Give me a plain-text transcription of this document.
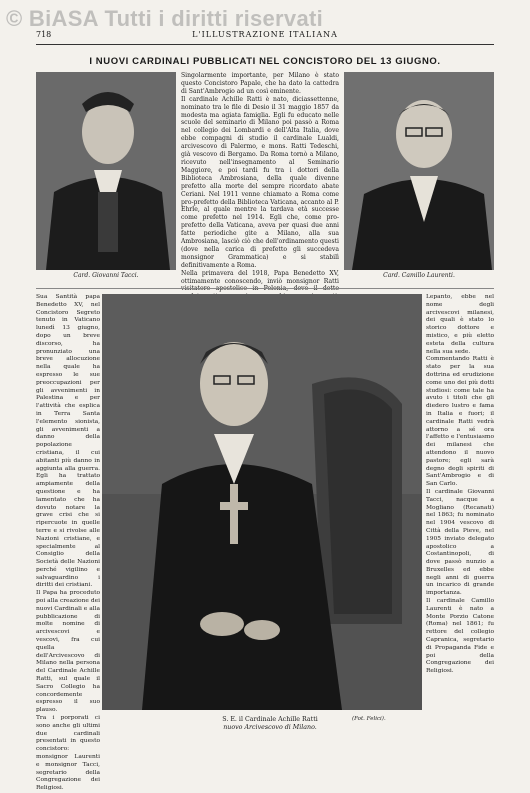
© BiASA Tutti i diritti riservati
718	L'ILLUSTRAZIONE ITALIANA
I NUOVI CARDINALI PUBBLICATI NEL CONCISTORO DEL 13 GIUGNO.
Card. Giovanni Tacci.	Card. Camillo Laurenti.

Singolarmente importante, per Milano è stato questo Concistoro Papale, che ha dato la cattedra di Sant'Ambrogio ad un così eminente.

Il cardinale Achille Ratti è nato, diciassettenne, nominato tra le file di Desio il 31 maggio 1857 da modesta ma agiata famiglia. Egli fu educato nelle scuole del seminario di Milano poi passò a Roma nel collegio dei Lombardi e dell'Alta Italia, dove ebbe compagni di studio il cardinale Lualdi, arcivescovo di Palermo, e mons. Ratti Tedeschi, già vescovo di Bergamo. Da Roma tornò a Milano, ricevuto nell'insegnamento al Seminario Maggiore, e poi tardi fu tra i dottori della Biblioteca Ambrosiana, della quale divenne prefetto alla morte del sempre ricordato abate Ceriani. Nel 1911 venne chiamato a Roma come pro-prefetto della Biblioteca Vaticana, accanto al P. Ehrle, al quale mentre la tardava età successe come prefetto nel 1914. Egli che, come pro-prefetto della Vaticana, aveva per quasi due anni fatte periodiche gite a Milano, alla sua Ambrosiana, lasciò ciò che dell'ordinamento questi (dove nella carica di prefetto gli succedeva monsignor Grammatica) e si stabilì definitivamente a Roma.

Nella primavera del 1918, Papa Benedetto XV, ottimamente conoscendo, inviò monsignor Ratti

Sua Santità papa Benedetto XV, nel Concistoro Segreto tenuto in Vaticano lunedì 13 giugno, dopo un breve discorso, ha pronunziato una breve allocuzione nella quale ha espresso le sue preoccupazioni per gli avvenimenti in Palestina e per l'attività che esplica in Terra Santa l'elemento sionista, gli avvenimenti a danno della popolazione cristiana, il cui abitanti più danno in aggiunta alla guerra. Egli ha trattato ampiamente della questione e ha lamentato che ha dovuto notare la grave crisi che si ripercuote in quelle terre e si rivolse alle Nazioni cristiane, e specialmente al Consiglio della Società delle Nazioni perché vigilino e salvaguardino i diritti dei cristiani.

Il Papa ha proceduto poi alla creazione dei nuovi Cardinali e alla pubblicazione di molte nomine di arcivescovi e vescovi, fra cui quella dell'Arcivescovo di Milano nella persona del Cardinale Achille Ratti, sul quale il Sacro Collegio ha concordemente espresso il suo plauso.

Tra i porporati ci sono anche gli ultimi due cardinali presentati in questo concistoro: monsignor Laurenti e monsignor Tacci, segretario della Congregazione dei Religiosi.

Lepanto, ebbe nel nome degli arcivescovi milanesi, dei quali è stato lo storico dottore e mistico, e più eletto esteta della cultura nella sua sede.

Commentando Ratti è stato per la sua dottrina ed erudizione come uno dei più dotti studiosi: come tale ha avuto i titoli che gli diedero lustro e fama in Italia e fuori; il cardinale Ratti vedrà attorno a sé ora l'affetto e l'entusiasmo dei milanesi che attendono il nuovo pastore; egli sarà degno degli spiriti di Sant'Ambrogio e di San Carlo.

Il cardinale Giovanni Tacci, nacque a Mogliano (Recanati) nel 1863; fu nominato nel 1904 vescovo di Città della Pieve, nel 1905 inviato delegato apostolico a Costantinopoli, di dove passò nunzio a Bruxelles ed ebbe negli anni di guerra un incarico di grande importanza.

Il cardinale Camillo Laurenti è nato a Monte Porzio Catone (Roma) nel 1861; fu rettore del collegio Capranica, segretario di Propaganda Fide e poi della Congregazione dei Religiosi.

S. E. il Cardinale Achille Ratti
nuovo Arcivescovo di Milano.
(Fot. Felici).
